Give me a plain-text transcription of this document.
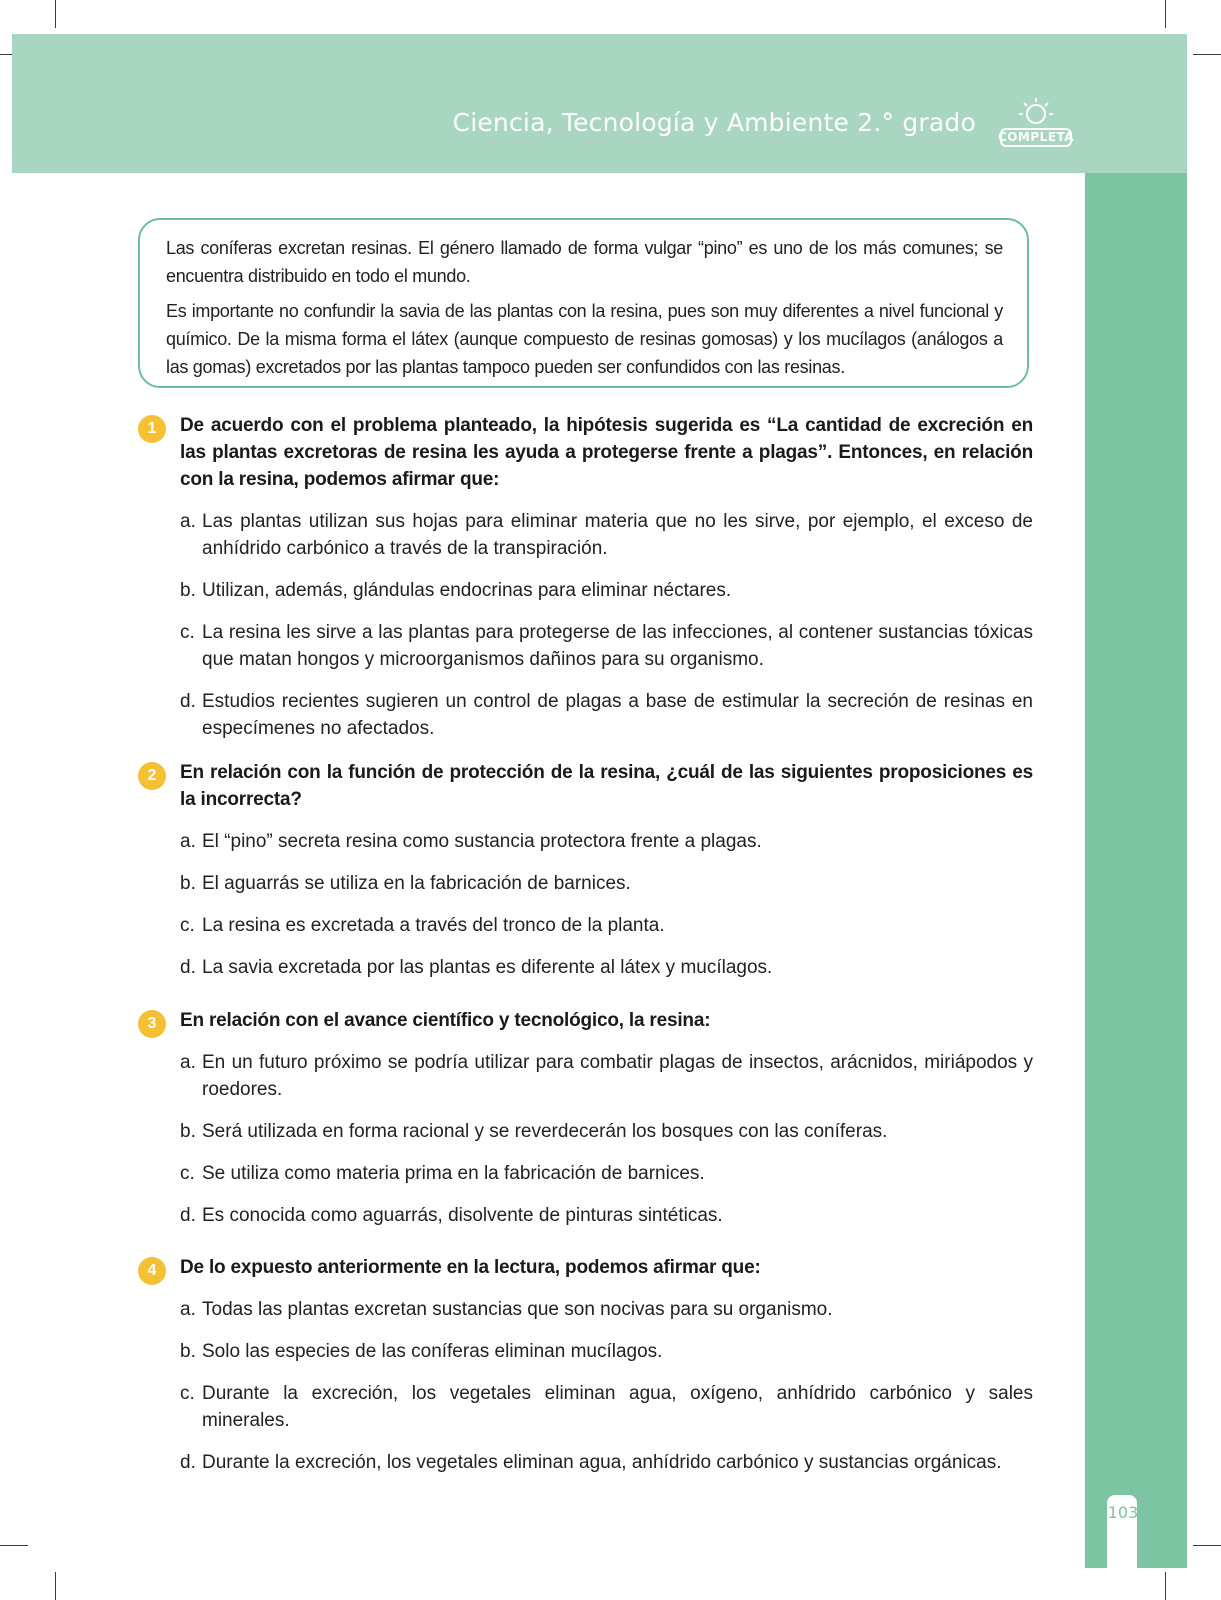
Ciencia, Tecnología y Ambiente 2.° grado COMPLETA
103

Las coníferas excretan resinas. El género llamado de forma vulgar “pino” es uno de los más comunes; se encuentra distribuido en todo el mundo.

Es importante no confundir la savia de las plantas con la resina, pues son muy diferentes a nivel funcional y químico. De la misma forma el látex (aunque compuesto de resinas gomosas) y los mucílagos (análogos a las gomas) excretados por las plantas tampoco pueden ser confundidos con las resinas.

1	De acuerdo con el problema planteado, la hipótesis sugerida es “La cantidad de excreción en las plantas excretoras de resina les ayuda a protegerse frente a plagas”. Entonces, en relación con la resina, podemos afirmar que:
a. Las plantas utilizan sus hojas para eliminar materia que no les sirve, por ejemplo, el exceso de anhídrido carbónico a través de la transpiración.
b. Utilizan, además, glándulas endocrinas para eliminar néctares.
c. La resina les sirve a las plantas para protegerse de las infecciones, al contener sustancias tóxicas que matan hongos y microorganismos dañinos para su organismo.
d. Estudios recientes sugieren un control de plagas a base de estimular la secreción de resinas en especímenes no afectados.
2	En relación con la función de protección de la resina, ¿cuál de las siguientes proposiciones es la incorrecta?
a. El “pino” secreta resina como sustancia protectora frente a plagas.
b. El aguarrás se utiliza en la fabricación de barnices.
c. La resina es excretada a través del tronco de la planta.
d. La savia excretada por las plantas es diferente al látex y mucílagos.
3	En relación con el avance científico y tecnológico, la resina:
a. En un futuro próximo se podría utilizar para combatir plagas de insectos, arácnidos, miriápodos y roedores.
b. Será utilizada en forma racional y se reverdecerán los bosques con las coníferas.
c. Se utiliza como materia prima en la fabricación de barnices.
d. Es conocida como aguarrás, disolvente de pinturas sintéticas.
4	De lo expuesto anteriormente en la lectura, podemos afirmar que:
a. Todas las plantas excretan sustancias que son nocivas para su organismo.
b. Solo las especies de las coníferas eliminan mucílagos.
c. Durante la excreción, los vegetales eliminan agua, oxígeno, anhídrido carbónico y sales minerales.
d. Durante la excreción, los vegetales eliminan agua, anhídrido carbónico y sustancias orgánicas.
